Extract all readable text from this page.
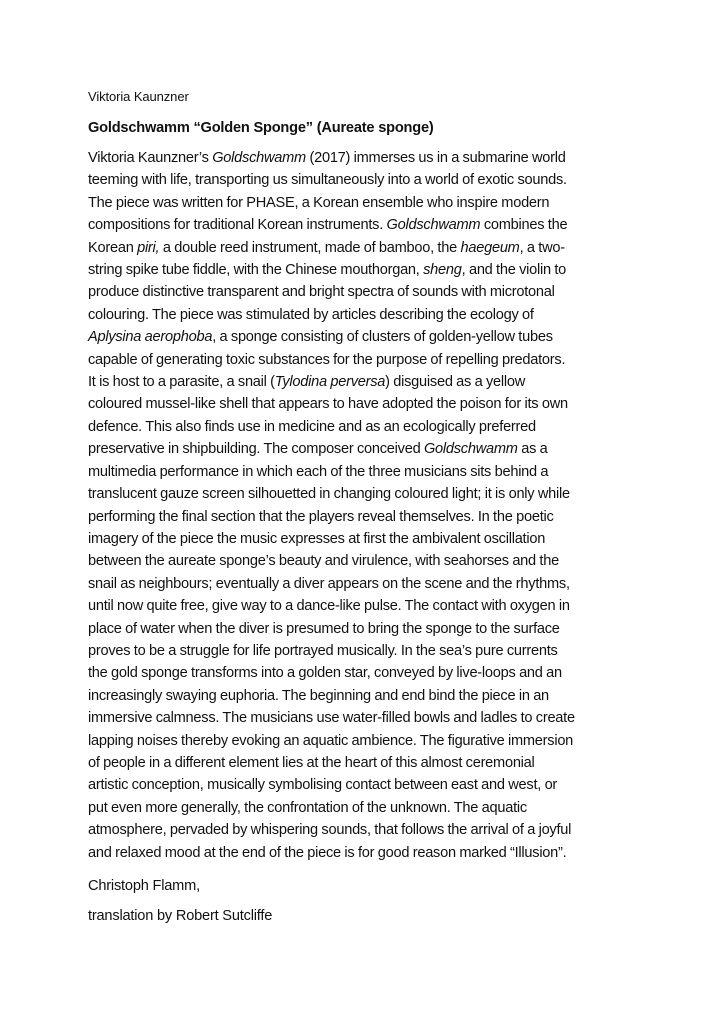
Viktoria Kaunzner

Goldschwamm “Golden Sponge” (Aureate sponge)

Viktoria Kaunzner’s Goldschwamm (2017) immerses us in a submarine world
teeming with life, transporting us simultaneously into a world of exotic sounds.
The piece was written for PHASE, a Korean ensemble who inspire modern
compositions for traditional Korean instruments. Goldschwamm combines the
Korean piri, a double reed instrument, made of bamboo, the haegeum, a two-
string spike tube fiddle, with the Chinese mouthorgan, sheng, and the violin to
produce distinctive transparent and bright spectra of sounds with microtonal
colouring. The piece was stimulated by articles describing the ecology of
Aplysina aerophoba, a sponge consisting of clusters of golden-yellow tubes
capable of generating toxic substances for the purpose of repelling predators.
It is host to a parasite, a snail (Tylodina perversa) disguised as a yellow
coloured mussel-like shell that appears to have adopted the poison for its own
defence. This also finds use in medicine and as an ecologically preferred
preservative in shipbuilding. The composer conceived Goldschwamm as a
multimedia performance in which each of the three musicians sits behind a
translucent gauze screen silhouetted in changing coloured light; it is only while
performing the final section that the players reveal themselves. In the poetic
imagery of the piece the music expresses at first the ambivalent oscillation
between the aureate sponge’s beauty and virulence, with seahorses and the
snail as neighbours; eventually a diver appears on the scene and the rhythms,
until now quite free, give way to a dance-like pulse. The contact with oxygen in
place of water when the diver is presumed to bring the sponge to the surface
proves to be a struggle for life portrayed musically. In the sea’s pure currents
the gold sponge transforms into a golden star, conveyed by live-loops and an
increasingly swaying euphoria. The beginning and end bind the piece in an
immersive calmness. The musicians use water-filled bowls and ladles to create
lapping noises thereby evoking an aquatic ambience. The figurative immersion
of people in a different element lies at the heart of this almost ceremonial
artistic conception, musically symbolising contact between east and west, or
put even more generally, the confrontation of the unknown. The aquatic
atmosphere, pervaded by whispering sounds, that follows the arrival of a joyful
and relaxed mood at the end of the piece is for good reason marked “Illusion”.

Christoph Flamm,

translation by Robert Sutcliffe
